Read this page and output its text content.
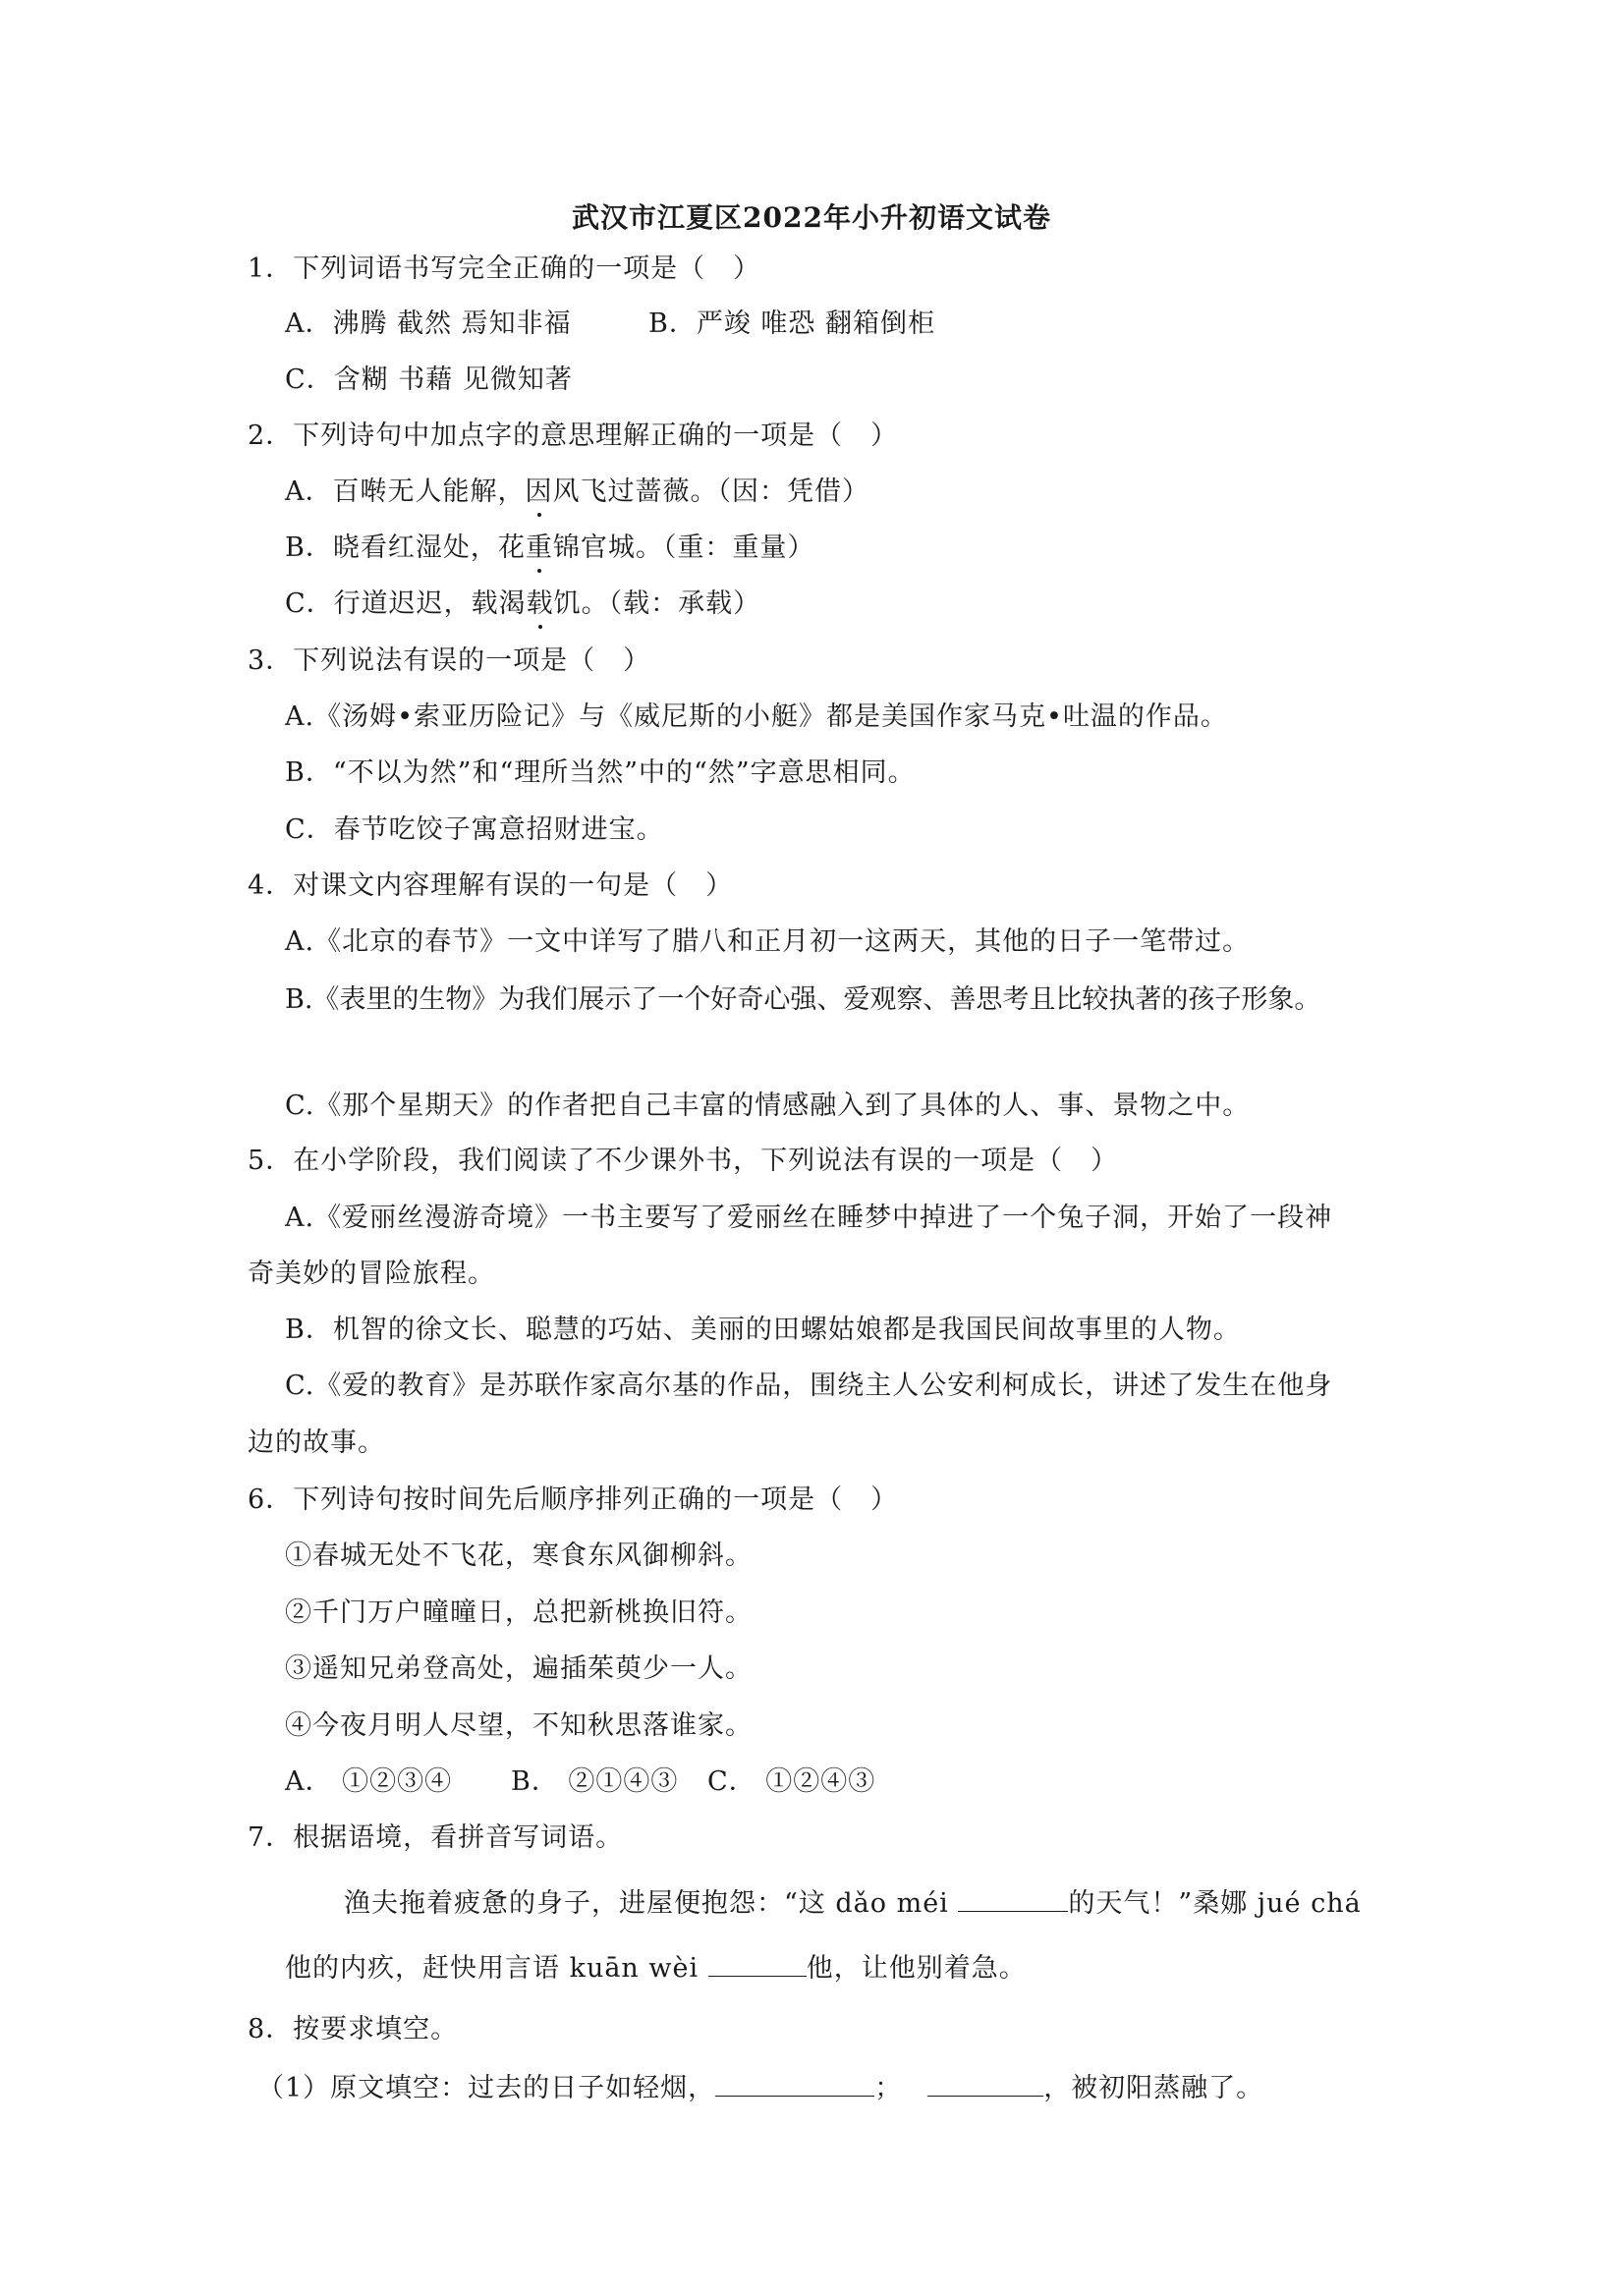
武汉市江夏区2022年小升初语文试卷
1．下列词语书写完全正确的一项是（　）
A．沸腾 截然 焉知非福	B．严竣 唯恐 翻箱倒柜
C．含糊 书藉 见微知著
2．下列诗句中加点字的意思理解正确的一项是（　）
A．百啭无人能解，因风飞过蔷薇。（因：凭借）
B．晓看红湿处，花重锦官城。（重：重量）
C．行道迟迟，载渴载饥。（载：承载）
3．下列说法有误的一项是（　）
A.《汤姆•索亚历险记》与《威尼斯的小艇》都是美国作家马克•吐温的作品。
B．“不以为然”和“理所当然”中的“然”字意思相同。
C．春节吃饺子寓意招财进宝。
4．对课文内容理解有误的一句是（　）
A.《北京的春节》一文中详写了腊八和正月初一这两天，其他的日子一笔带过。
B.《表里的生物》为我们展示了一个好奇心强、爱观察、善思考且比较执著的孩子形象。
C.《那个星期天》的作者把自己丰富的情感融入到了具体的人、事、景物之中。
5．在小学阶段，我们阅读了不少课外书，下列说法有误的一项是（　）
A.《爱丽丝漫游奇境》一书主要写了爱丽丝在睡梦中掉进了一个兔子洞，开始了一段神
奇美妙的冒险旅程。
B．机智的徐文长、聪慧的巧姑、美丽的田螺姑娘都是我国民间故事里的人物。
C.《爱的教育》是苏联作家高尔基的作品，围绕主人公安利柯成长，讲述了发生在他身
边的故事。
6．下列诗句按时间先后顺序排列正确的一项是（　）
①春城无处不飞花，寒食东风御柳斜。
②千门万户曈曈日，总把新桃换旧符。
③遥知兄弟登高处，遍插茱萸少一人。
④今夜月明人尽望，不知秋思落谁家。
A． ①②③④ B． ②①④③ C． ①②④③
7．根据语境，看拼音写词语。
渔夫拖着疲惫的身子，进屋便抱怨：“这 dǎo méi	的天气！”桑娜 jué chá
他的内疚，赶快用言语 kuān wèi	他，让他别着急。
8．按要求填空。
（1）原文填空：过去的日子如轻烟，	；	，被初阳蒸融了。
